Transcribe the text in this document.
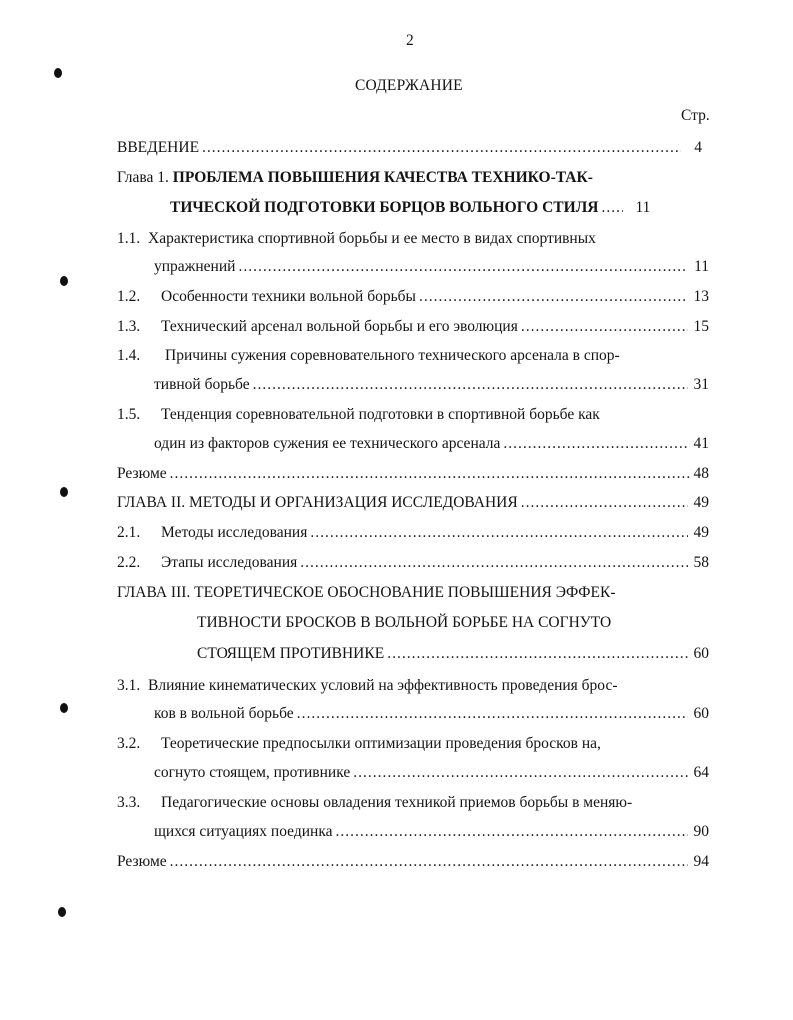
2
СОДЕРЖАНИЕ
Стр.
ВВЕДЕНИЕ .....	4
Глава 1. ПРОБЛЕМА ПОВЫШЕНИЯ КАЧЕСТВА ТЕХНИКО-ТАК-
ТИЧЕСКОЙ ПОДГОТОВКИ БОРЦОВ ВОЛЬНОГО СТИЛЯ ..... 11
1.1. Характеристика спортивной борьбы и ее место в видах спортивных
упражнений .....	11
1.2.	Особенности техники вольной борьбы .....	13
1.3.	Технический арсенал вольной борьбы и его эволюция .....	15
1.4. Причины сужения соревновательного технического арсенала в спор-
тивной борьбе .....	31
1.5. Тенденция соревновательной подготовки в спортивной борьбе как
один из факторов сужения ее технического арсенала .....	41
Резюме .....	48
ГЛАВА II. МЕТОДЫ И ОРГАНИЗАЦИЯ ИССЛЕДОВАНИЯ .....	49
2.1.	Методы исследования .....	49
2.2.	Этапы исследования .....	58
ГЛАВА III. ТЕОРЕТИЧЕСКОЕ ОБОСНОВАНИЕ ПОВЫШЕНИЯ ЭФФЕК-
ТИВНОСТИ БРОСКОВ В ВОЛЬНОЙ БОРЬБЕ НА СОГНУТО
СТОЯЩЕМ ПРОТИВНИКЕ .....	60
3.1. Влияние кинематических условий на эффективность проведения брос-
ков в вольной борьбе .....	60
3.2. Теоретические предпосылки оптимизации проведения бросков на,
согнуто стоящем, противнике .....	64
3.3. Педагогические основы овладения техникой приемов борьбы в меняю-
щихся ситуациях поединка .....	90
Резюме .....	94
